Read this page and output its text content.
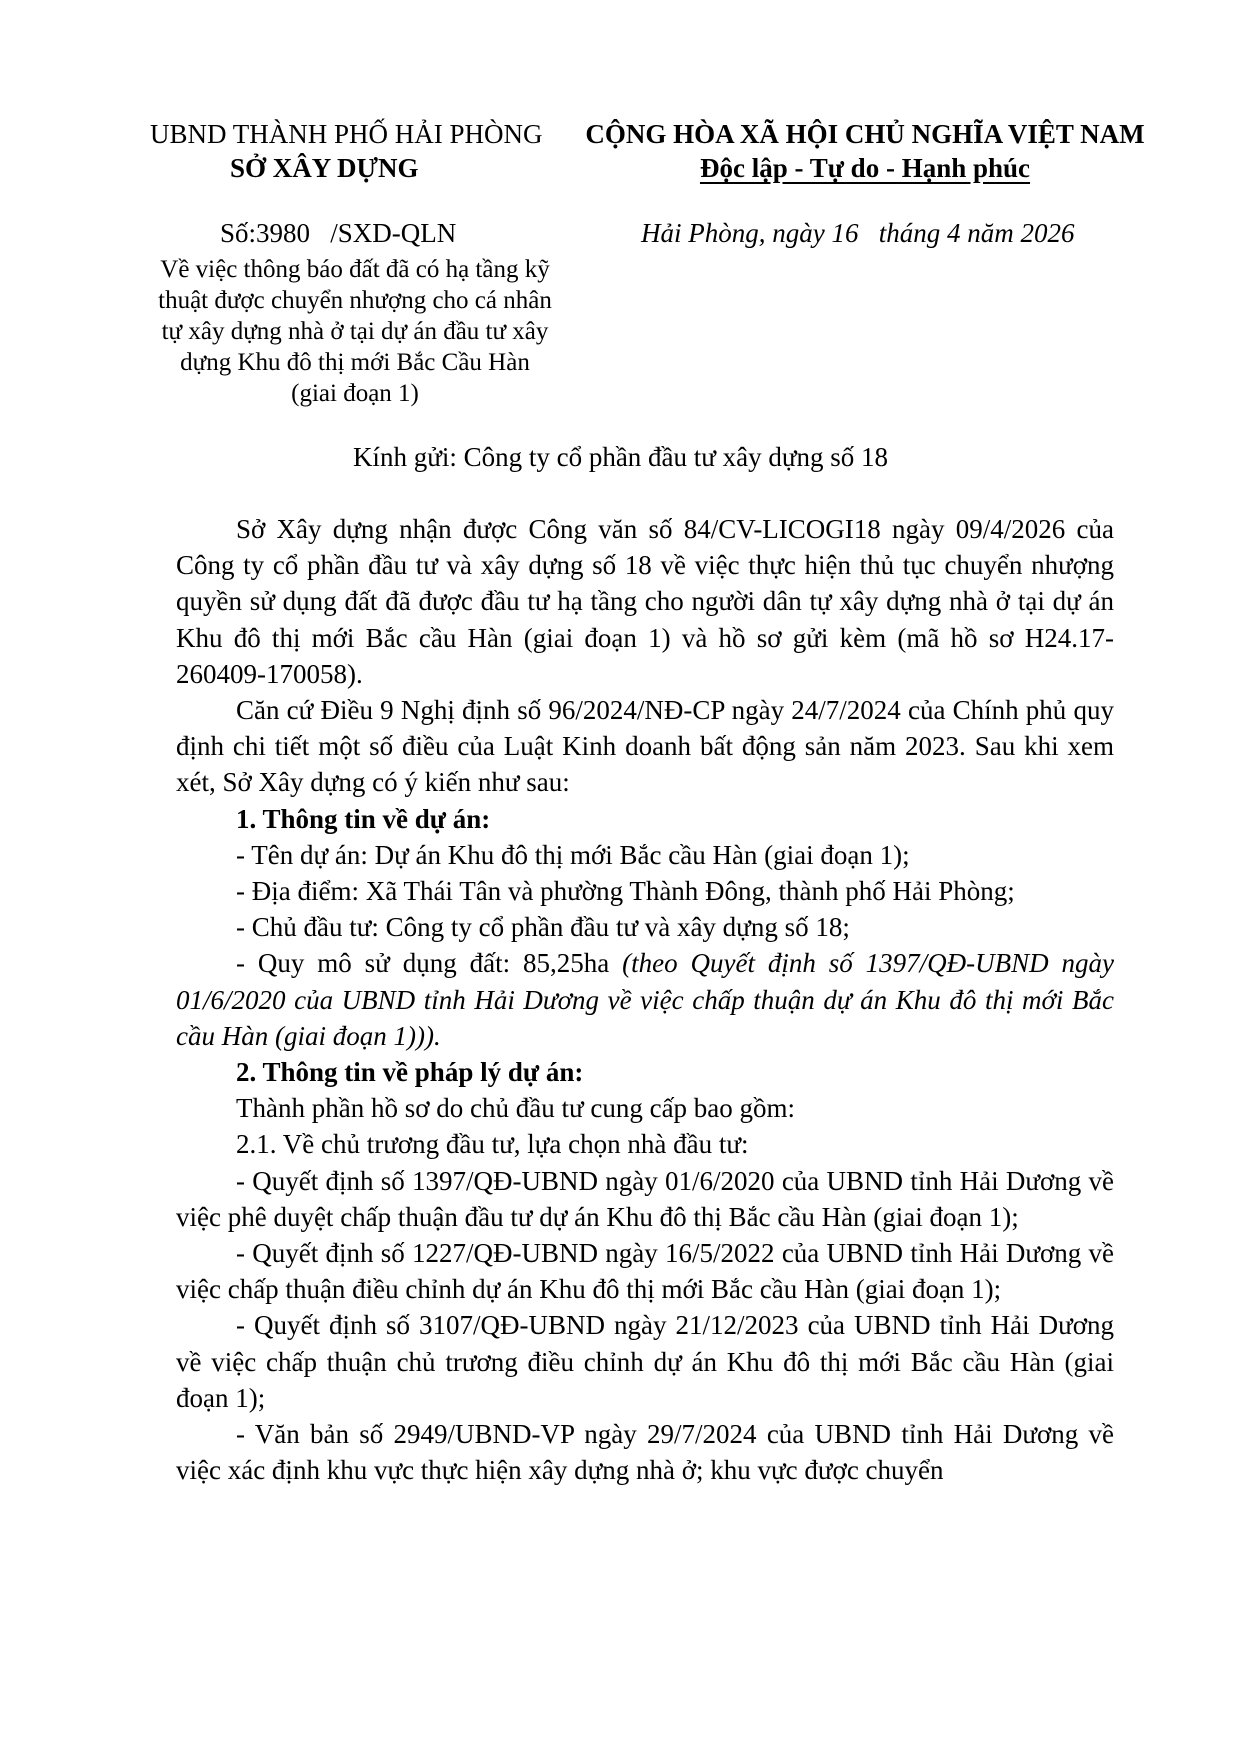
UBND THÀNH PHỐ HẢI PHÒNG
SỞ XÂY DỰNG
CỘNG HÒA XÃ HỘI CHỦ NGHĨA VIỆT NAM
Độc lập - Tự do - Hạnh phúc
Số:3980   /SXD-QLN	Hải Phòng, ngày 16   tháng 4 năm 2026
Về việc thông báo đất đã có hạ tầng kỹ
thuật được chuyển nhượng cho cá nhân
tự xây dựng nhà ở tại dự án đầu tư xây
dựng Khu đô thị mới Bắc Cầu Hàn
(giai đoạn 1)
Kính gửi: Công ty cổ phần đầu tư xây dựng số 18

Sở Xây dựng nhận được Công văn số 84/CV-LICOGI18 ngày 09/4/2026 của Công ty cổ phần đầu tư và xây dựng số 18 về việc thực hiện thủ tục chuyển nhượng quyền sử dụng đất đã được đầu tư hạ tầng cho người dân tự xây dựng nhà ở tại dự án Khu đô thị mới Bắc cầu Hàn (giai đoạn 1) và hồ sơ gửi kèm (mã hồ sơ H24.17-260409-170058).

Căn cứ Điều 9 Nghị định số 96/2024/NĐ-CP ngày 24/7/2024 của Chính phủ quy định chi tiết một số điều của Luật Kinh doanh bất động sản năm 2023. Sau khi xem xét, Sở Xây dựng có ý kiến như sau:

1. Thông tin về dự án:

- Tên dự án: Dự án Khu đô thị mới Bắc cầu Hàn (giai đoạn 1);

- Địa điểm: Xã Thái Tân và phường Thành Đông, thành phố Hải Phòng;

- Chủ đầu tư: Công ty cổ phần đầu tư và xây dựng số 18;

- Quy mô sử dụng đất: 85,25ha (theo Quyết định số 1397/QĐ-UBND ngày 01/6/2020 của UBND tỉnh Hải Dương về việc chấp thuận dự án Khu đô thị mới Bắc cầu Hàn (giai đoạn 1))).

2. Thông tin về pháp lý dự án:

Thành phần hồ sơ do chủ đầu tư cung cấp bao gồm:

2.1. Về chủ trương đầu tư, lựa chọn nhà đầu tư:

- Quyết định số 1397/QĐ-UBND ngày 01/6/2020 của UBND tỉnh Hải Dương về việc phê duyệt chấp thuận đầu tư dự án Khu đô thị Bắc cầu Hàn (giai đoạn 1);

- Quyết định số 1227/QĐ-UBND ngày 16/5/2022 của UBND tỉnh Hải Dương về việc chấp thuận điều chỉnh dự án Khu đô thị mới Bắc cầu Hàn (giai đoạn 1);

- Quyết định số 3107/QĐ-UBND ngày 21/12/2023 của UBND tỉnh Hải Dương về việc chấp thuận chủ trương điều chỉnh dự án Khu đô thị mới Bắc cầu Hàn (giai đoạn 1);

- Văn bản số 2949/UBND-VP ngày 29/7/2024 của UBND tỉnh Hải Dương về việc xác định khu vực thực hiện xây dựng nhà ở; khu vực được chuyển
